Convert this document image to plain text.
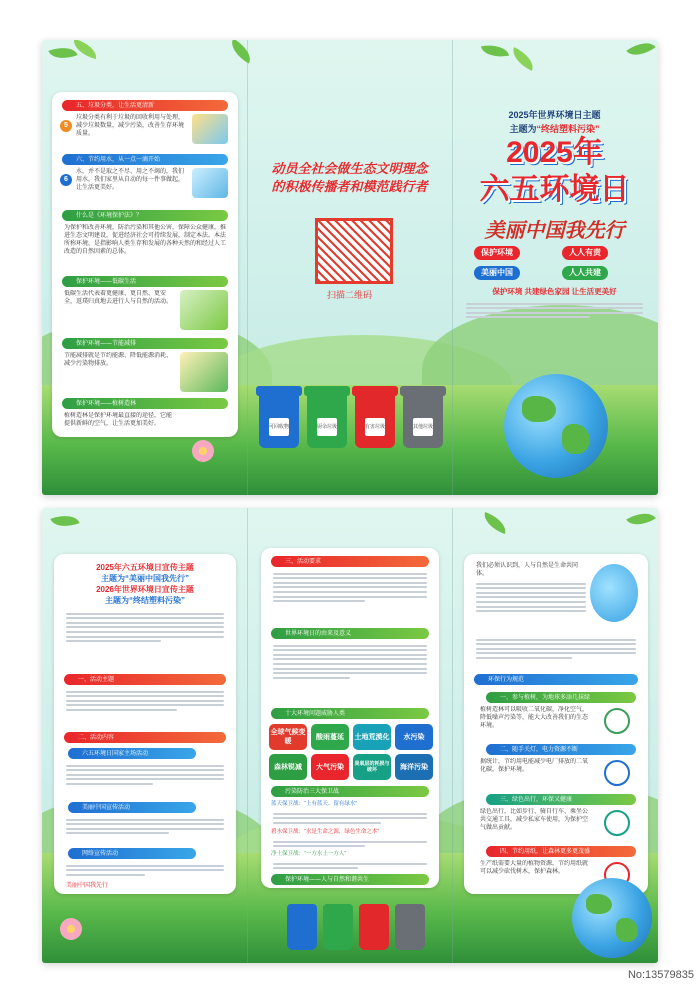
五、垃圾分类，让生活更清新
5
垃圾分类有利于垃圾的回收利用与处理，减少垃圾数量，减少污染，改善生存环境质量。
六、节约用水，从一点一滴开始
6
水，并不是取之不尽、用之不竭的，我们用水，我们家里从自动的每一件事做起，让生活更美好。
什么是《环境保护法》？
为保护和改善环境，防治污染和其他公害，保障公众健康，推进生态文明建设，促进经济社会可持续发展，制定本法。本法所称环境，是指影响人类生存和发展的各种天然的和经过人工改造的自然因素的总体。
保护环境——低碳生活
低碳生活代表着更健康、更自然、更安全，返璞归真地去进行人与自然的活动。
保护环境——节能减排
节能减排就是节约能源、降低能源消耗、减少污染物排放。
保护环境——植树造林
植树造林是保护环境最直接的途径，它能提供新鲜的空气，让生活更加美好。
动员全社会做生态文明理念
的积极传播者和模范践行者
扫描二维码
可回收物	厨余垃圾	有害垃圾	其他垃圾
2025年世界环境日主题
主题为“终结塑料污染”
2025年
六五环境日
美丽中国我先行
保护环境	人人有责
美丽中国	人人共建
保护环境 共建绿色家园 让生活更美好
2025年六五环境日宣传主题
主题为“美丽中国我先行”
2026年世界环境日宣传主题
主题为“终结塑料污染”
一、活动主题
二、活动内容
六五环境日国家主场活动
美丽中国宣传活动
网络宣传活动
美丽中国我先行
三、活动要求
世界环境日的由来及意义
十大环境问题威胁人类
全球气候变暖
酸雨蔓延	土地荒漠化	水污染
森林锐减	大气污染	臭氧层的耗损与破坏	海洋污染
污染防治三大保卫战
蓝天保卫战：“上有蓝天、留有绿水”
碧水保卫战：“水是生命之源，绿色生命之本”
净土保卫战：“一方水土一方人”
保护环境——人与自然和谐共生
我们必须认识到，人与自然是生命共同体。
环保行为规范
一、参与植树，为地球多添几抹绿
植树造林可以吸收二氧化碳，净化空气，降低噪声污染等，能大大改善我们的生态环境。
二、随手关灯，电力资源不断
据统计，节约用电能减少电厂排放的二氧化碳，保护环境。
三、绿色出行，环保又健康
绿色出行，比如步行、骑自行车、乘坐公共交通工具，减少私家车使用，为保护空气做出贡献。
四、节约用纸，让森林更多更茂盛
生产纸需要大量的植物资源，节约用纸就可以减少砍伐树木，保护森林。
No:13579835
